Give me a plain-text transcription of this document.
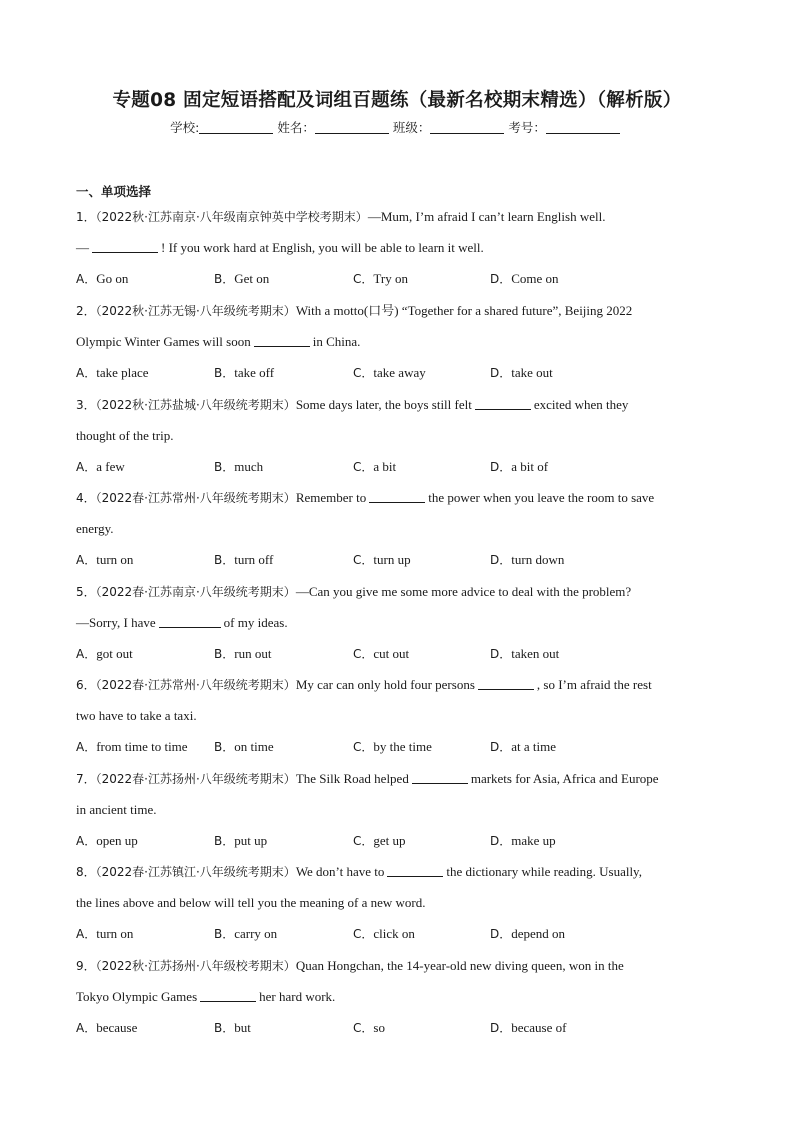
专题08 固定短语搭配及词组百题练（最新名校期末精选）（解析版）
学校:	姓名：	班级：	考号：
一、单项选择
1．（2022秋·江苏南京·八年级南京钟英中学校考期末）—Mum, I’m afraid I can’t learn English well.
—	! If you work hard at English, you will be able to learn it well.
A．Go on	B．Get on	C．Try on	D．Come on
2．（2022秋·江苏无锡·八年级统考期末）With a motto(口号) “Together for a shared future”, Beijing 2022
Olympic Winter Games will soon	in China.
A．take place	B．take off	C．take away	D．take out
3．（2022秋·江苏盐城·八年级统考期末）Some days later, the boys still felt	excited when they
thought of the trip.
A．a few	B．much	C．a bit	D．a bit of
4．（2022春·江苏常州·八年级统考期末）Remember to	the power when you leave the room to save
energy.
A．turn on	B．turn off	C．turn up	D．turn down
5．（2022春·江苏南京·八年级统考期末）—Can you give me some more advice to deal with the problem?
—Sorry, I have	of my ideas.
A．got out	B．run out	C．cut out	D．taken out
6．（2022春·江苏常州·八年级统考期末）My car can only hold four persons	, so I’m afraid the rest
two have to take a taxi.
A．from time to time B．on time	C．by the time	D．at a time
7．（2022春·江苏扬州·八年级统考期末）The Silk Road helped	markets for Asia, Africa and Europe
in ancient time.
A．open up	B．put up	C．get up	D．make up
8．（2022春·江苏镇江·八年级统考期末）We don’t have to	the dictionary while reading. Usually,
the lines above and below will tell you the meaning of a new word.
A．turn on	B．carry on	C．click on	D．depend on
9．（2022秋·江苏扬州·八年级校考期末）Quan Hongchan, the 14-year-old new diving queen, won in the
Tokyo Olympic Games	her hard work.
A．because	B．but	C．so	D．because of
